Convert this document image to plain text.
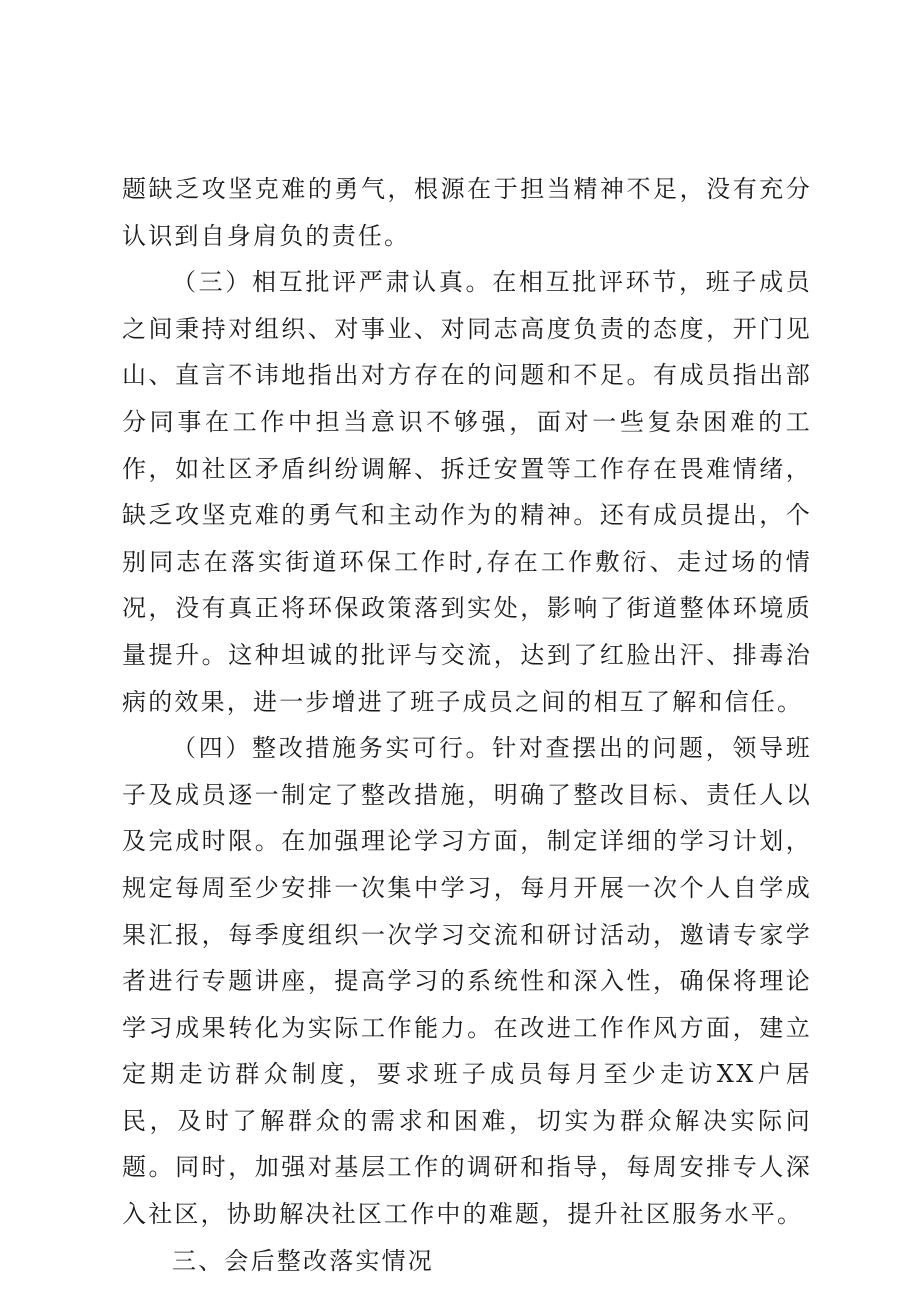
题缺乏攻坚克难的勇气，根源在于担当精神不足，没有充分认识到自身肩负的责任。

（三）相互批评严肃认真。在相互批评环节，班子成员之间秉持对组织、对事业、对同志高度负责的态度，开门见山、直言不讳地指出对方存在的问题和不足。有成员指出部分同事在工作中担当意识不够强，面对一些复杂困难的工作，如社区矛盾纠纷调解、拆迁安置等工作存在畏难情绪，缺乏攻坚克难的勇气和主动作为的精神。还有成员提出，个别同志在落实街道环保工作时,存在工作敷衍、走过场的情况，没有真正将环保政策落到实处，影响了街道整体环境质量提升。这种坦诚的批评与交流，达到了红脸出汗、排毒治病的效果，进一步增进了班子成员之间的相互了解和信任。

（四）整改措施务实可行。针对查摆出的问题，领导班子及成员逐一制定了整改措施，明确了整改目标、责任人以及完成时限。在加强理论学习方面，制定详细的学习计划，规定每周至少安排一次集中学习，每月开展一次个人自学成果汇报，每季度组织一次学习交流和研讨活动，邀请专家学者进行专题讲座，提高学习的系统性和深入性，确保将理论学习成果转化为实际工作能力。在改进工作作风方面，建立定期走访群众制度，要求班子成员每月至少走访XX户居民，及时了解群众的需求和困难，切实为群众解决实际问题。同时，加强对基层工作的调研和指导，每周安排专人深入社区，协助解决社区工作中的难题，提升社区服务水平。

三、会后整改落实情况
